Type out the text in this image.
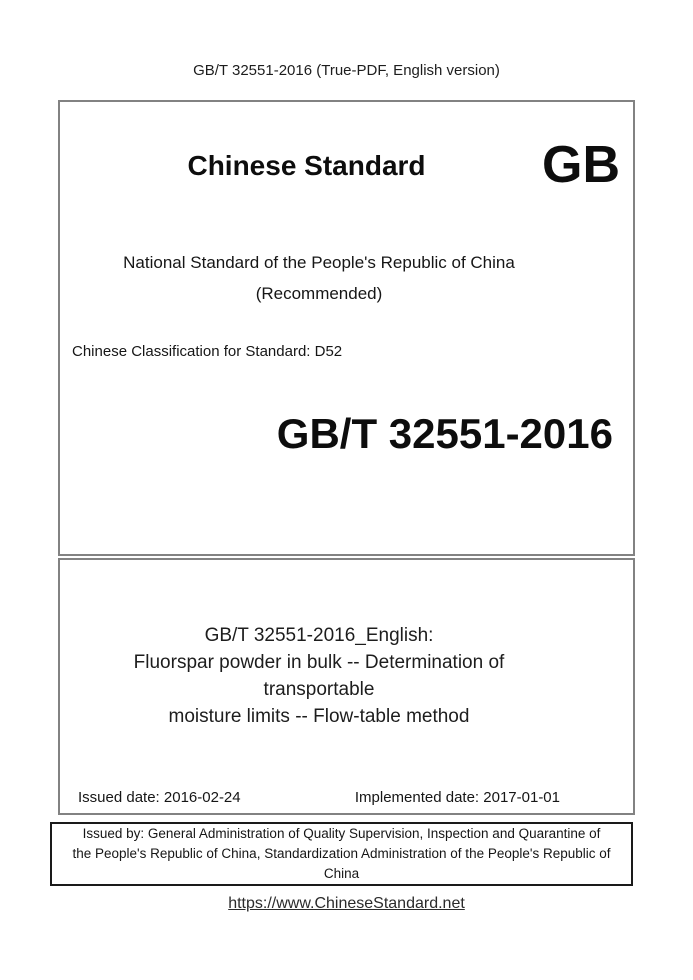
GB/T 32551-2016 (True-PDF, English version)
Chinese Standard	GB
National Standard of the People's Republic of China
(Recommended)
Chinese Classification for Standard: D52
GB/T 32551-2016
GB/T 32551-2016_English:
Fluorspar powder in bulk -- Determination of transportable
moisture limits -- Flow-table method
Issued date: 2016-02-24	Implemented date: 2017-01-01
Issued by: General Administration of Quality Supervision, Inspection and Quarantine of
the People's Republic of China, Standardization Administration of the People's Republic of
China
https://www.ChineseStandard.net
